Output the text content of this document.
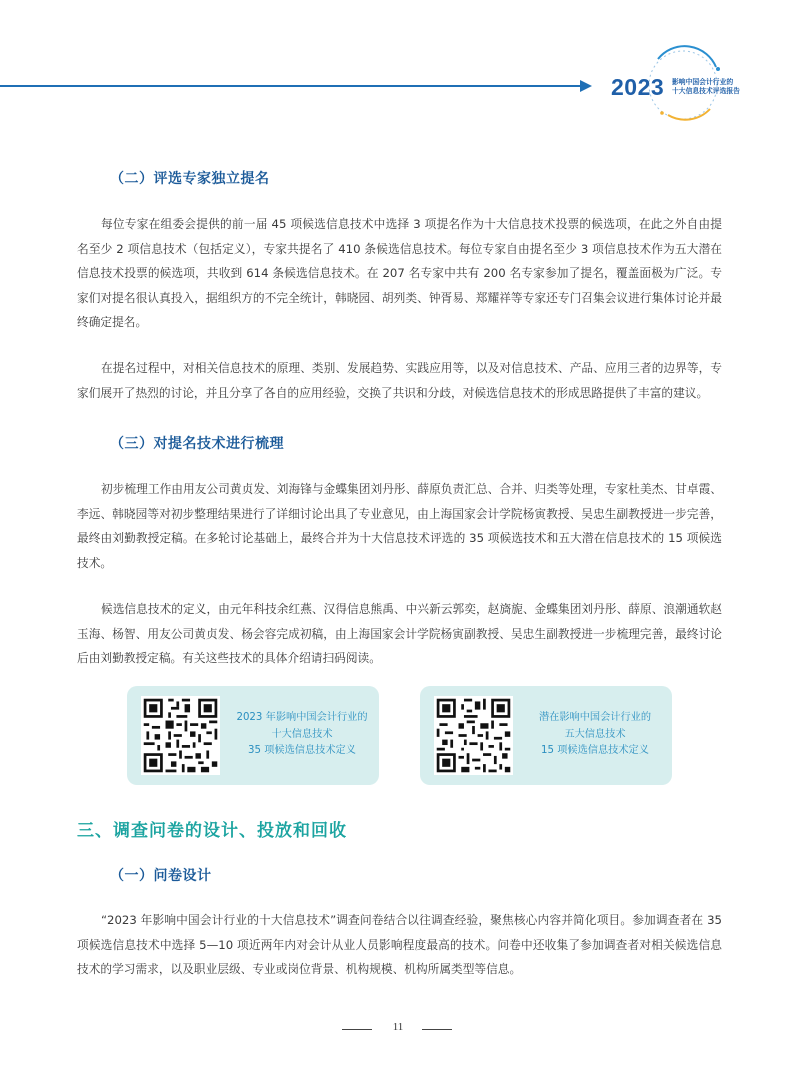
2023 影响中国会计行业的
十大信息技术评选报告
（二）评选专家独立提名

每位专家在组委会提供的前一届 45 项候选信息技术中选择 3 项提名作为十大信息技术投票的候选项，在此之外自由提名至少 2 项信息技术（包括定义），专家共提名了 410 条候选信息技术。每位专家自由提名至少 3 项信息技术作为五大潜在信息技术投票的候选项，共收到 614 条候选信息技术。在 207 名专家中共有 200 名专家参加了提名，覆盖面极为广泛。专家们对提名很认真投入，据组织方的不完全统计，韩晓园、胡列类、钟胥易、郑耀祥等专家还专门召集会议进行集体讨论并最终确定提名。

在提名过程中，对相关信息技术的原理、类别、发展趋势、实践应用等，以及对信息技术、产品、应用三者的边界等，专家们展开了热烈的讨论，并且分享了各自的应用经验，交换了共识和分歧，对候选信息技术的形成思路提供了丰富的建议。

（三）对提名技术进行梳理

初步梳理工作由用友公司黄贞发、刘海锋与金蝶集团刘丹彤、薛原负责汇总、合并、归类等处理，专家杜美杰、甘卓霞、李远、韩晓园等对初步整理结果进行了详细讨论出具了专业意见，由上海国家会计学院杨寅教授、吴忠生副教授进一步完善，最终由刘勤教授定稿。在多轮讨论基础上，最终合并为十大信息技术评选的 35 项候选技术和五大潜在信息技术的 15 项候选技术。

候选信息技术的定义，由元年科技余红燕、汉得信息熊禹、中兴新云郭奕，赵旖旎、金蝶集团刘丹彤、薛原、浪潮通软赵玉海、杨智、用友公司黄贞发、杨会容完成初稿，由上海国家会计学院杨寅副教授、吴忠生副教授进一步梳理完善，最终讨论后由刘勤教授定稿。有关这些技术的具体介绍请扫码阅读。

2023 年影响中国会计行业的
十大信息技术
35 项候选信息技术定义
潜在影响中国会计行业的
五大信息技术
15 项候选信息技术定义
三、调查问卷的设计、投放和回收
（一）问卷设计

“2023 年影响中国会计行业的十大信息技术”调查问卷结合以往调查经验，聚焦核心内容并简化项目。参加调查者在 35 项候选信息技术中选择 5—10 项近两年内对会计从业人员影响程度最高的技术。问卷中还收集了参加调查者对相关候选信息技术的学习需求，以及职业层级、专业或岗位背景、机构规模、机构所属类型等信息。

11
